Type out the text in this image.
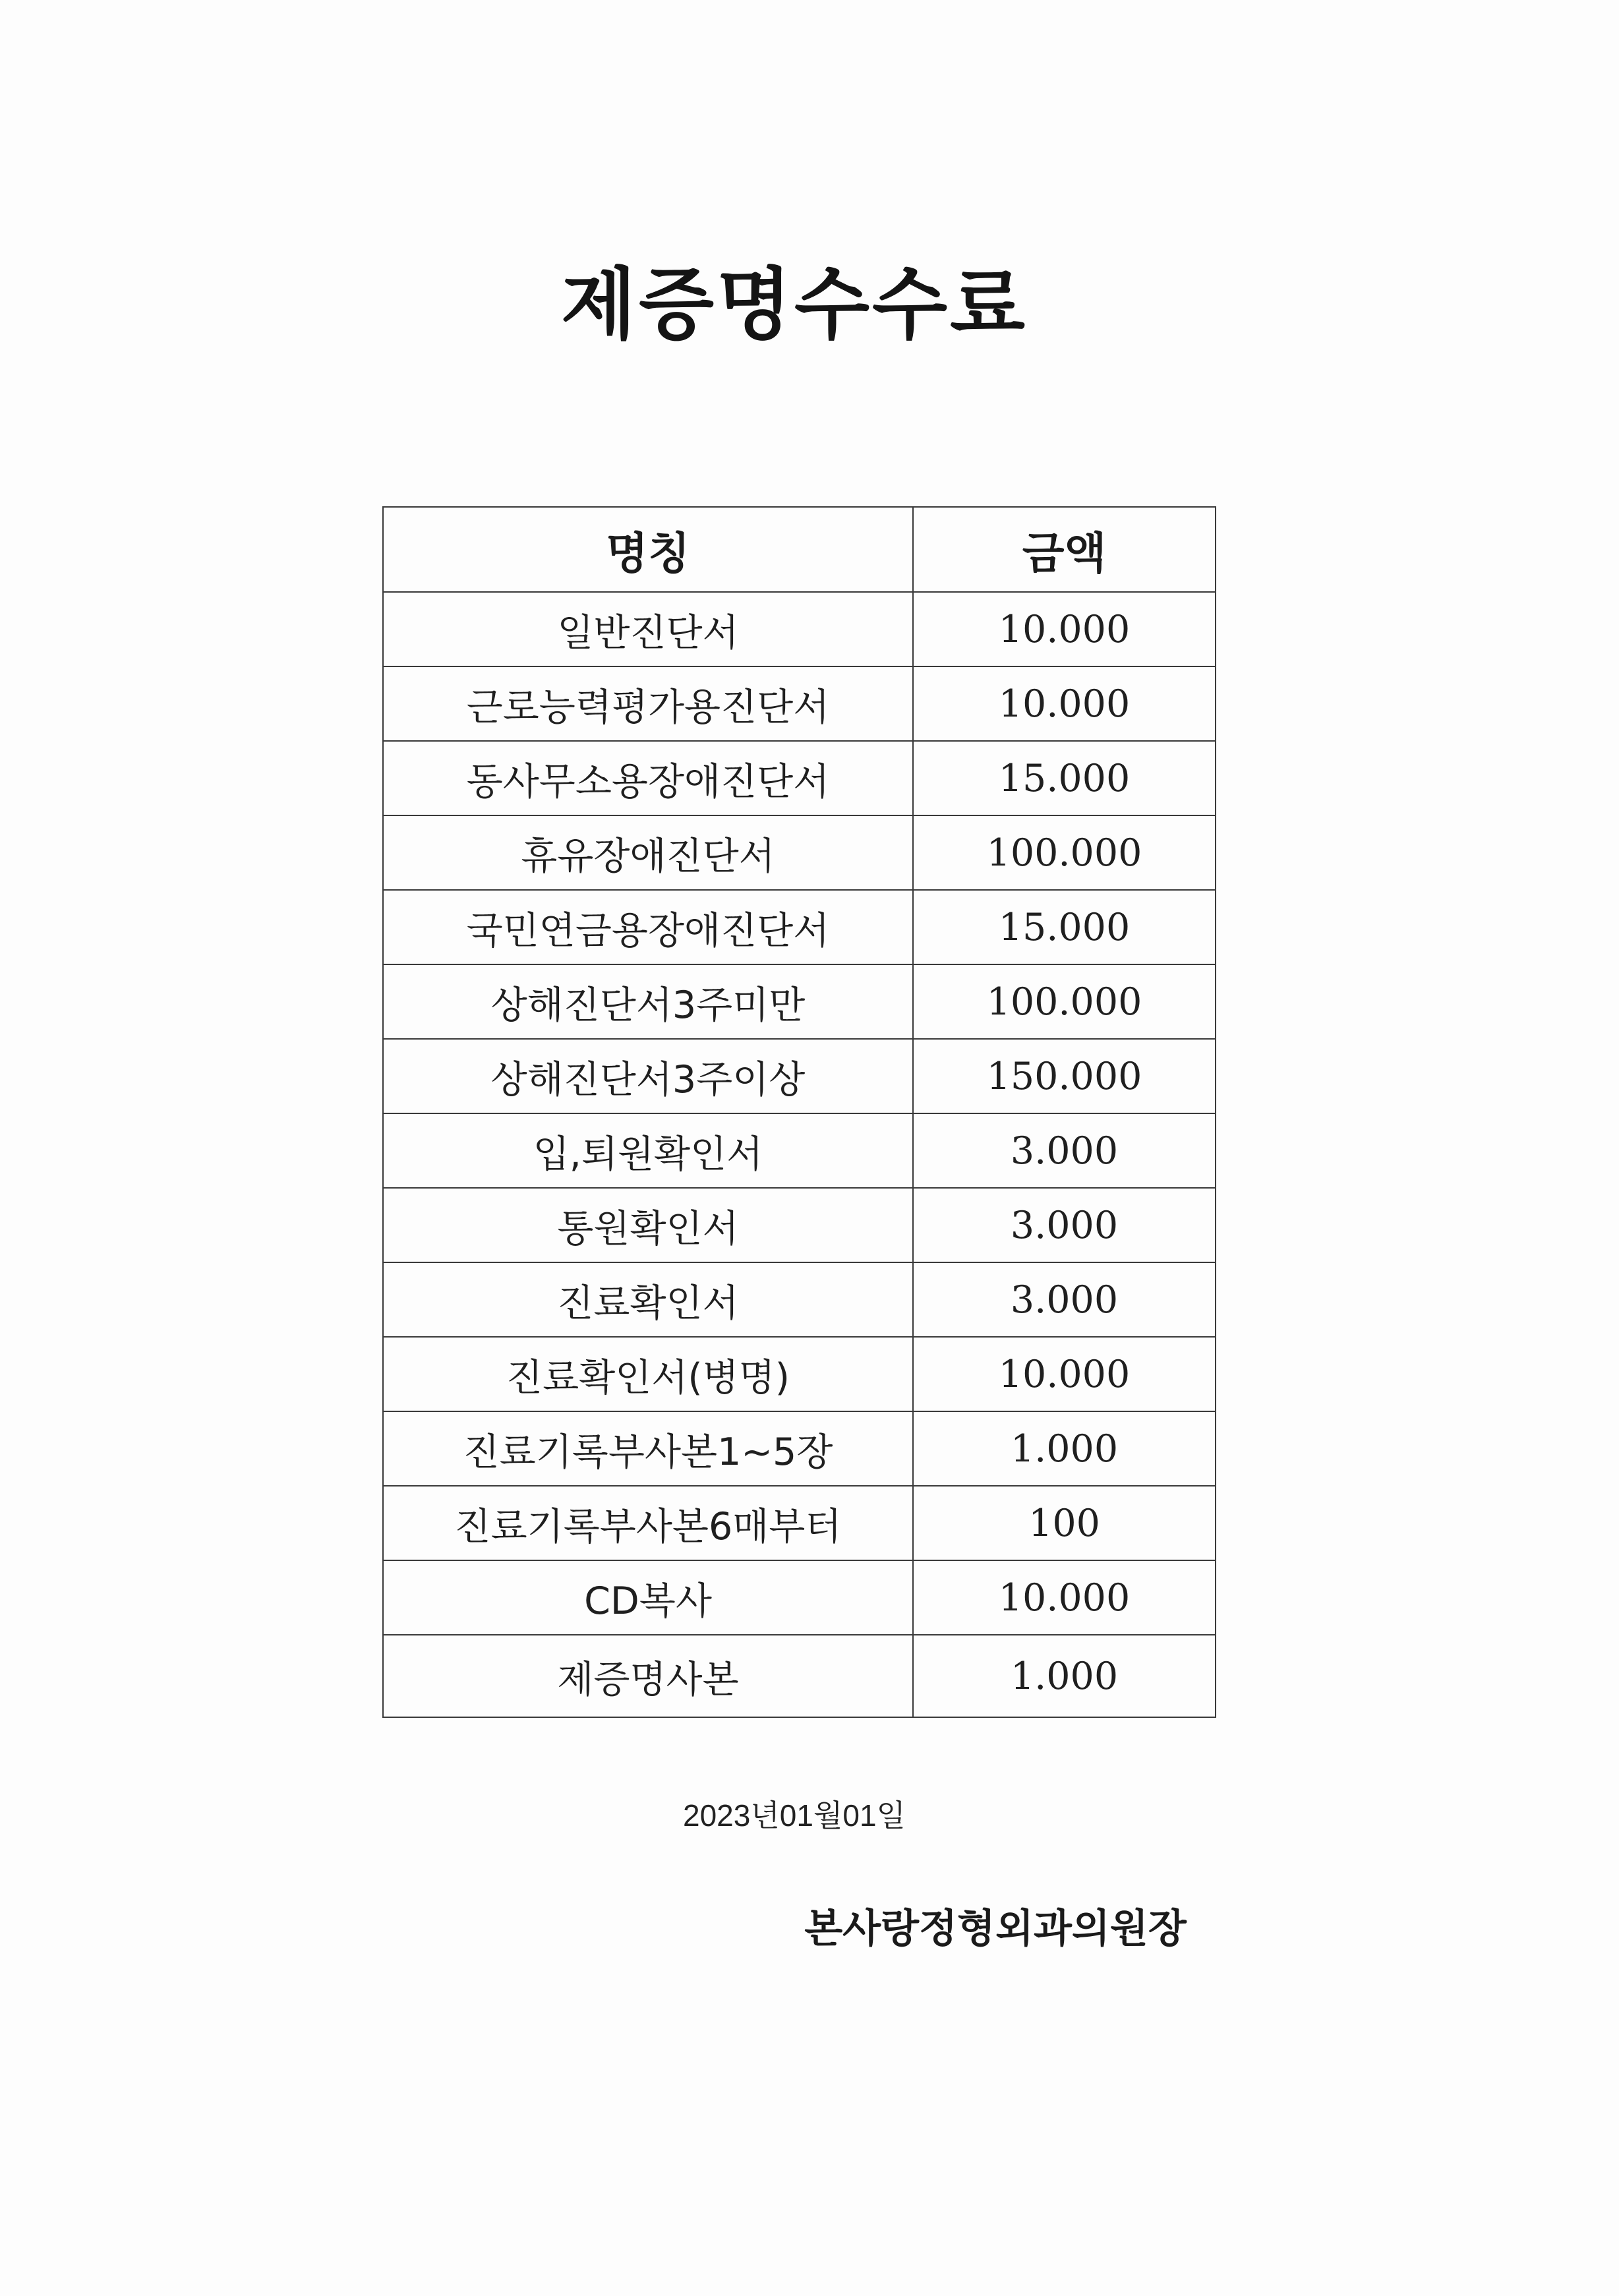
제증명수수료
명칭	금액
일반진단서	10.000
근로능력평가용진단서	10.000
동사무소용장애진단서	15.000
휴유장애진단서	100.000
국민연금용장애진단서	15.000
상해진단서3주미만	100.000
상해진단서3주이상	150.000
입,퇴원확인서	3.000
통원확인서	3.000
진료확인서	3.000
진료확인서(병명)	10.000
진료기록부사본1~5장	1.000
진료기록부사본6매부터	100
CD복사	10.000
제증명사본	1.000
2023년01월01일
본사랑정형외과의원장
